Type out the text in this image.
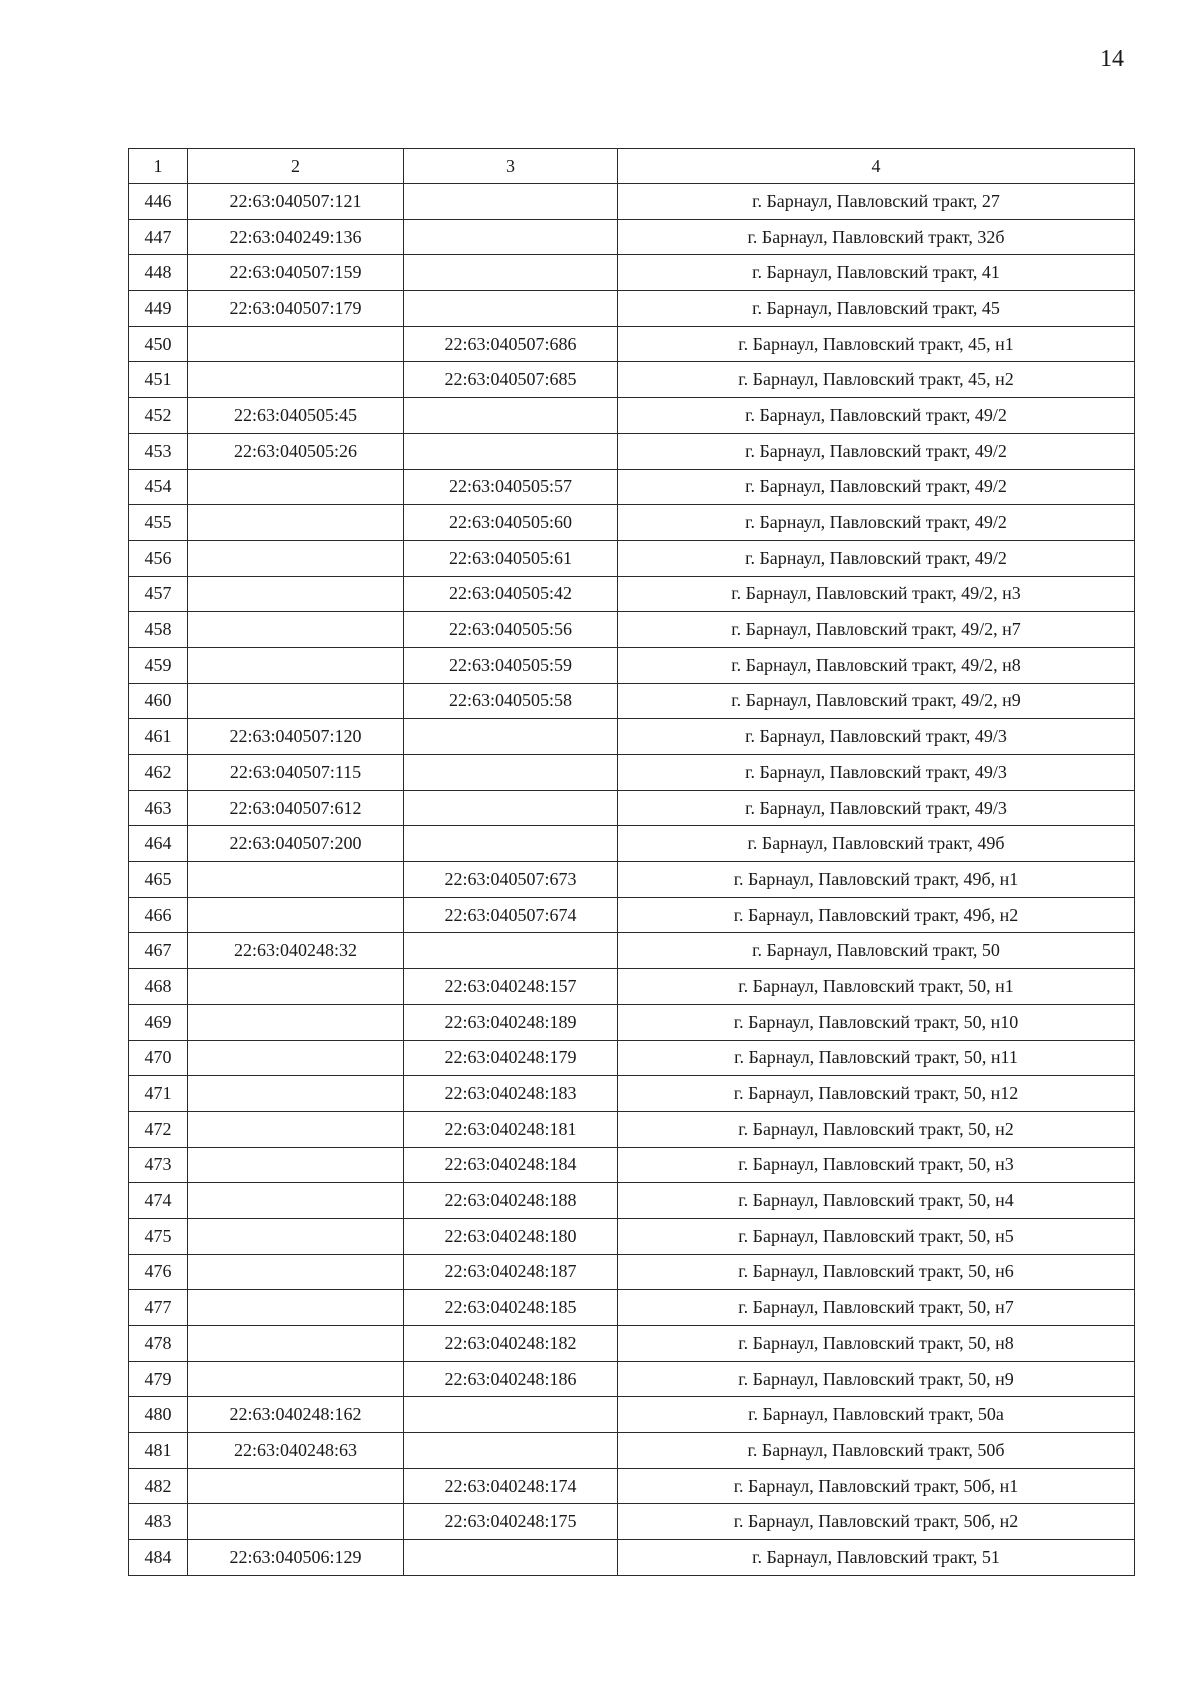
14
1	2	3	4
446	22:63:040507:121		г. Барнаул, Павловский тракт, 27
447	22:63:040249:136		г. Барнаул, Павловский тракт, 32б
448	22:63:040507:159		г. Барнаул, Павловский тракт, 41
449	22:63:040507:179		г. Барнаул, Павловский тракт, 45
450		22:63:040507:686	г. Барнаул, Павловский тракт, 45, н1
451		22:63:040507:685	г. Барнаул, Павловский тракт, 45, н2
452	22:63:040505:45		г. Барнаул, Павловский тракт, 49/2
453	22:63:040505:26		г. Барнаул, Павловский тракт, 49/2
454		22:63:040505:57	г. Барнаул, Павловский тракт, 49/2
455		22:63:040505:60	г. Барнаул, Павловский тракт, 49/2
456		22:63:040505:61	г. Барнаул, Павловский тракт, 49/2
457		22:63:040505:42	г. Барнаул, Павловский тракт, 49/2, н3
458		22:63:040505:56	г. Барнаул, Павловский тракт, 49/2, н7
459		22:63:040505:59	г. Барнаул, Павловский тракт, 49/2, н8
460		22:63:040505:58	г. Барнаул, Павловский тракт, 49/2, н9
461	22:63:040507:120		г. Барнаул, Павловский тракт, 49/3
462	22:63:040507:115		г. Барнаул, Павловский тракт, 49/3
463	22:63:040507:612		г. Барнаул, Павловский тракт, 49/3
464	22:63:040507:200		г. Барнаул, Павловский тракт, 49б
465		22:63:040507:673	г. Барнаул, Павловский тракт, 49б, н1
466		22:63:040507:674	г. Барнаул, Павловский тракт, 49б, н2
467	22:63:040248:32		г. Барнаул, Павловский тракт, 50
468		22:63:040248:157	г. Барнаул, Павловский тракт, 50, н1
469		22:63:040248:189	г. Барнаул, Павловский тракт, 50, н10
470		22:63:040248:179	г. Барнаул, Павловский тракт, 50, н11
471		22:63:040248:183	г. Барнаул, Павловский тракт, 50, н12
472		22:63:040248:181	г. Барнаул, Павловский тракт, 50, н2
473		22:63:040248:184	г. Барнаул, Павловский тракт, 50, н3
474		22:63:040248:188	г. Барнаул, Павловский тракт, 50, н4
475		22:63:040248:180	г. Барнаул, Павловский тракт, 50, н5
476		22:63:040248:187	г. Барнаул, Павловский тракт, 50, н6
477		22:63:040248:185	г. Барнаул, Павловский тракт, 50, н7
478		22:63:040248:182	г. Барнаул, Павловский тракт, 50, н8
479		22:63:040248:186	г. Барнаул, Павловский тракт, 50, н9
480	22:63:040248:162		г. Барнаул, Павловский тракт, 50а
481	22:63:040248:63		г. Барнаул, Павловский тракт, 50б
482		22:63:040248:174	г. Барнаул, Павловский тракт, 50б, н1
483		22:63:040248:175	г. Барнаул, Павловский тракт, 50б, н2
484	22:63:040506:129		г. Барнаул, Павловский тракт, 51
